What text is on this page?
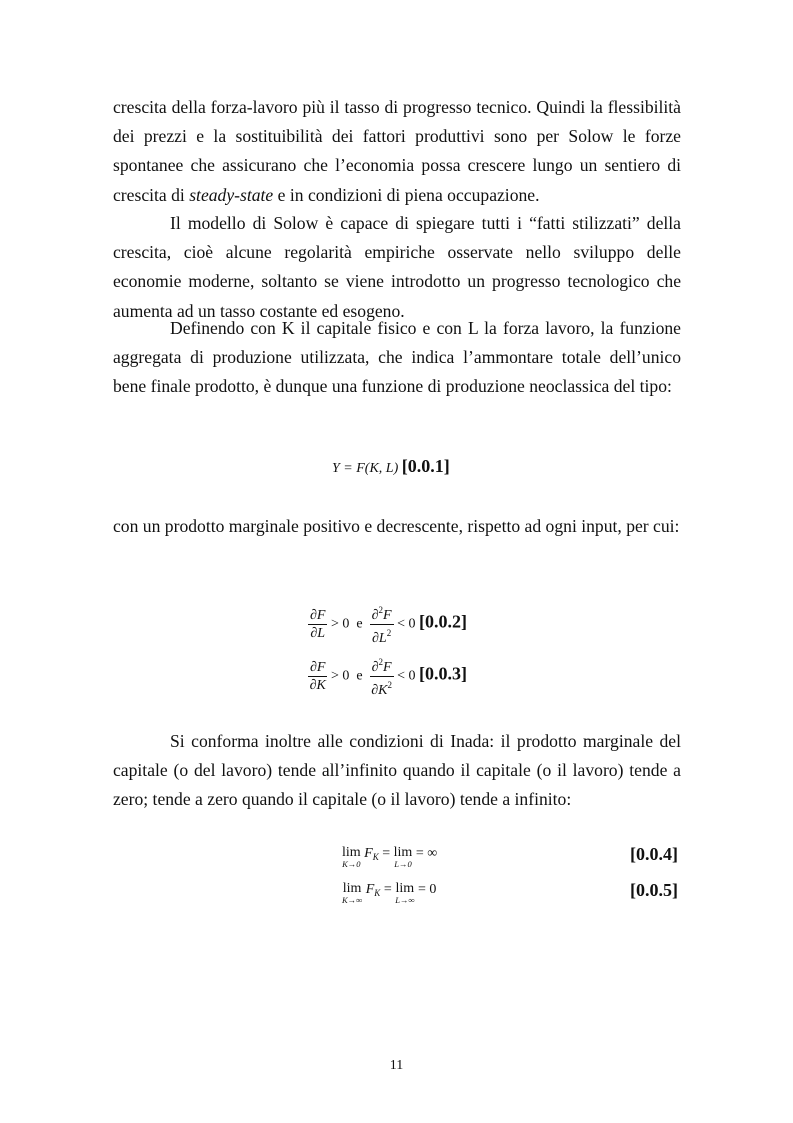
crescita della forza-lavoro più il tasso di progresso tecnico. Quindi la flessibilità dei prezzi e la sostituibilità dei fattori produttivi sono per Solow le forze spontanee che assicurano che l’economia possa crescere lungo un sentiero di crescita di steady-state e in condizioni di piena occupazione.

Il modello di Solow è capace di spiegare tutti i “fatti stilizzati” della crescita, cioè alcune regolarità empiriche osservate nello sviluppo delle economie moderne, soltanto se viene introdotto un progresso tecnologico che aumenta ad un tasso costante ed esogeno.

Definendo con K il capitale fisico e con L la forza lavoro, la funzione aggregata di produzione utilizzata, che indica l’ammontare totale dell’unico bene finale prodotto, è dunque una funzione di produzione neoclassica del tipo:

Y = F(K, L) [0.0.1]

con un prodotto marginale positivo e decrescente, rispetto ad ogni input, per cui:

$\frac{\partial F}{\partial L} > 0$ e $\frac{\partial^2F}{\partial L^2} < 0$ [0.0.2]
$\frac{\partial F}{\partial K} > 0$ e $\frac{\partial^2F}{\partial K^2} < 0$ [0.0.3]

Si conforma inoltre alle condizioni di Inada: il prodotto marginale del capitale (o del lavoro) tende all’infinito quando il capitale (o il lavoro) tende a zero; tende a zero quando il capitale (o il lavoro) tende a infinito:

lim
K→0
$F_K = \lim$
L→0
= ∞	[0.0.4]
lim
K→∞
$F_K = \lim$
L→∞
= 0	[0.0.5]
11
